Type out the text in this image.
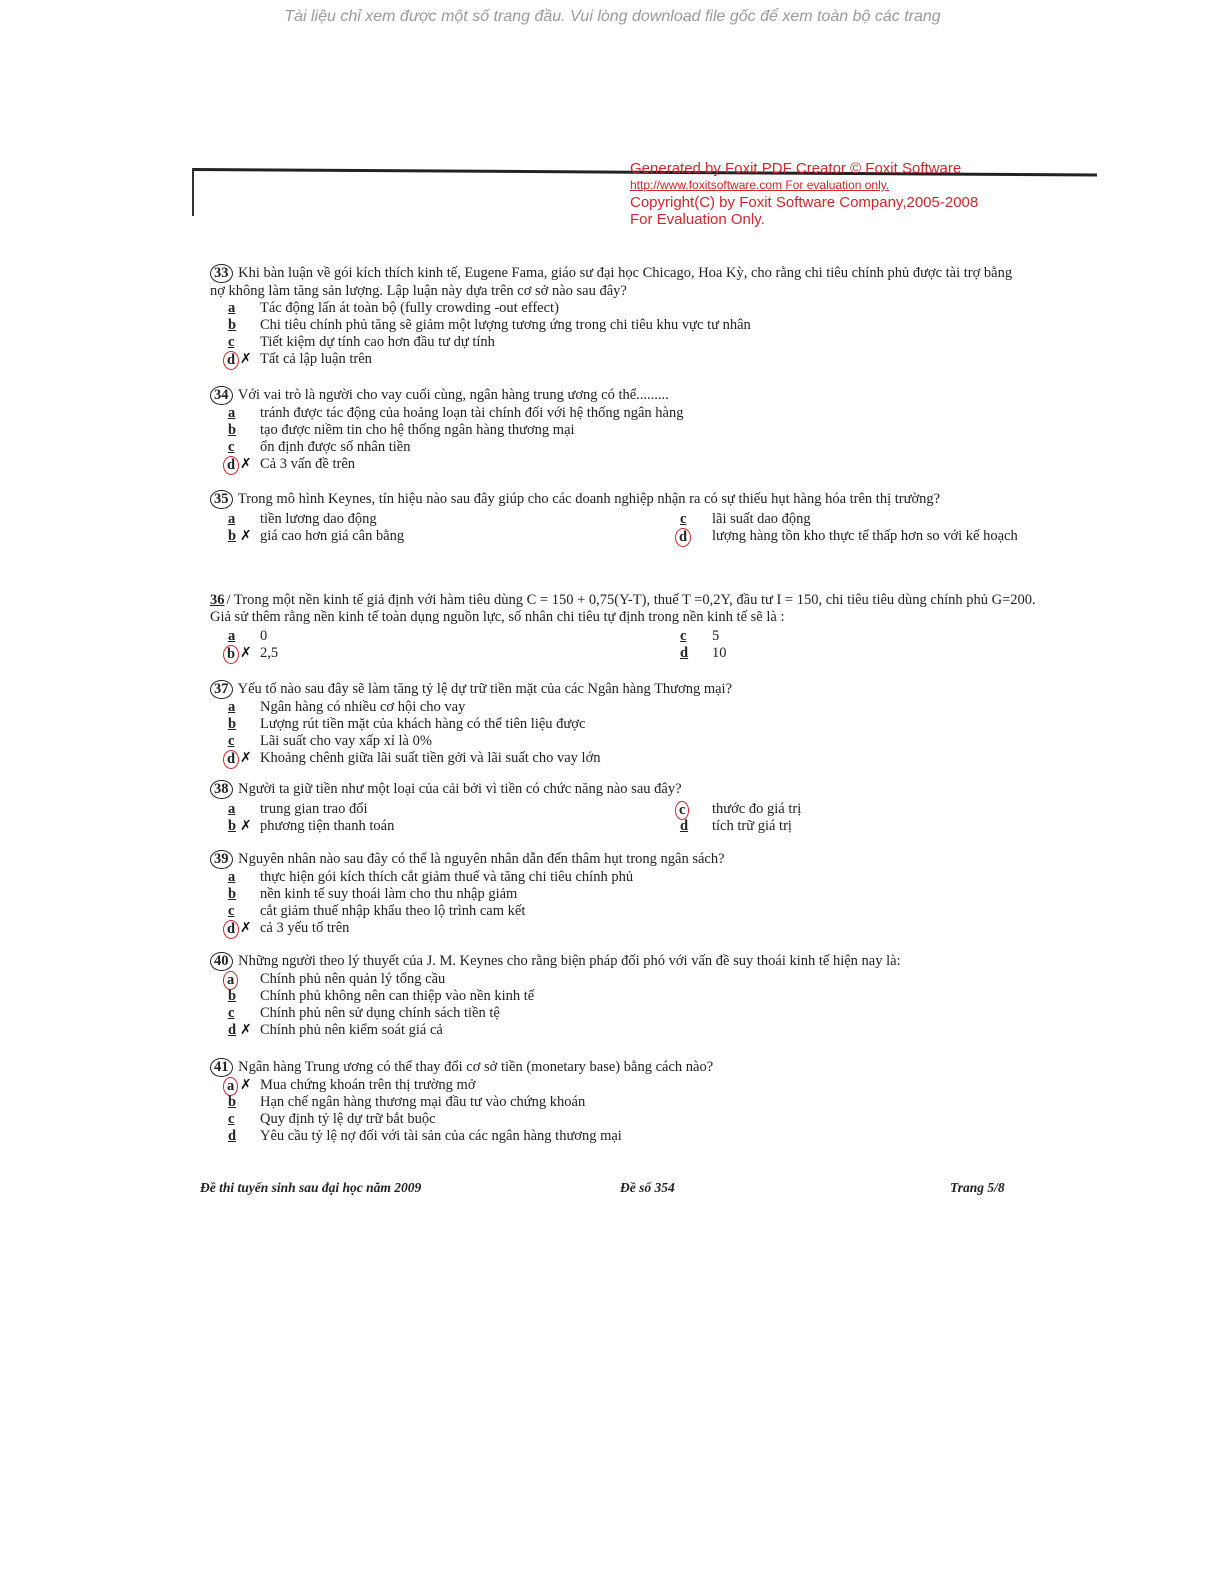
Tài liệu chỉ xem được một số trang đầu. Vui lòng download file gốc để xem toàn bộ các trang
Generated by Foxit PDF Creator © Foxit Software
http://www.foxitsoftware.com For evaluation only.
Copyright(C) by Foxit Software Company,2005-2008
For Evaluation Only.
33 Khi bàn luận về gói kích thích kinh tế, Eugene Fama, giáo sư đại học Chicago, Hoa Kỳ, cho rằng chi tiêu chính phủ được tài trợ bằng nợ không làm tăng sản lượng. Lập luận này dựa trên cơ sở nào sau đây?
a Tác động lấn át toàn bộ (fully crowding -out effect)
b Chi tiêu chính phủ tăng sẽ giảm một lượng tương ứng trong chi tiêu khu vực tư nhân
c Tiết kiệm dự tính cao hơn đầu tư dự tính
d ✗ Tất cả lập luận trên
34 Với vai trò là người cho vay cuối cùng, ngân hàng trung ương có thể.........
a tránh được tác động của hoảng loạn tài chính đối với hệ thống ngân hàng
b tạo được niềm tin cho hệ thống ngân hàng thương mại
c ổn định được số nhân tiền
d ✗ Cả 3 vấn đề trên
35 Trong mô hình Keynes, tín hiệu nào sau đây giúp cho các doanh nghiệp nhận ra có sự thiếu hụt hàng hóa trên thị trường?
a tiền lương dao động
b ✗ giá cao hơn giá cân bằng
c lãi suất dao động
d	lượng hàng tồn kho thực tế thấp hơn so với kế hoạch
36 / Trong một nền kinh tế giả định với hàm tiêu dùng C = 150 + 0,75(Y-T), thuế T =0,2Y, đầu tư I = 150, chi tiêu tiêu dùng chính phủ G=200. Giả sử thêm rằng nền kinh tế toàn dụng nguồn lực, số nhân chi tiêu tự định trong nền kinh tế sẽ là :
a 0
b ✗ 2,5
c 5
d 10
37 Yếu tố nào sau đây sẽ làm tăng tỷ lệ dự trữ tiền mặt của các Ngân hàng Thương mại?
a Ngân hàng có nhiều cơ hội cho vay
b Lượng rút tiền mặt của khách hàng có thể tiên liệu được
c Lãi suất cho vay xấp xỉ là 0%
d ✗ Khoảng chênh giữa lãi suất tiền gởi và lãi suất cho vay lớn
38 Người ta giữ tiền như một loại của cải bởi vì tiền có chức năng nào sau đây?
a trung gian trao đổi
b ✗ phương tiện thanh toán
c thước đo giá trị
d tích trữ giá trị
39 Nguyên nhân nào sau đây có thể là nguyên nhân dẫn đến thâm hụt trong ngân sách?
a thực hiện gói kích thích cắt giảm thuế và tăng chi tiêu chính phủ
b nền kinh tế suy thoái làm cho thu nhập giảm
c cắt giảm thuế nhập khẩu theo lộ trình cam kết
d ✗ cả 3 yếu tố trên
40 Những người theo lý thuyết của J. M. Keynes cho rằng biện pháp đối phó với vấn đề suy thoái kinh tế hiện nay là:
a Chính phủ nên quản lý tổng cầu
b Chính phủ không nên can thiệp vào nền kinh tế
c Chính phủ nên sử dụng chính sách tiền tệ
d ✗ Chính phủ nên kiểm soát giá cả
41 Ngân hàng Trung ương có thể thay đổi cơ sở tiền (monetary base) bằng cách nào?
a ✗ Mua chứng khoán trên thị trường mở
b Hạn chế ngân hàng thương mại đầu tư vào chứng khoán
c Quy định tỷ lệ dự trữ bắt buộc
d Yêu cầu tỷ lệ nợ đối với tài sản của các ngân hàng thương mại
Đề thi tuyển sinh sau đại học năm 2009	Đề số 354	Trang 5/8
